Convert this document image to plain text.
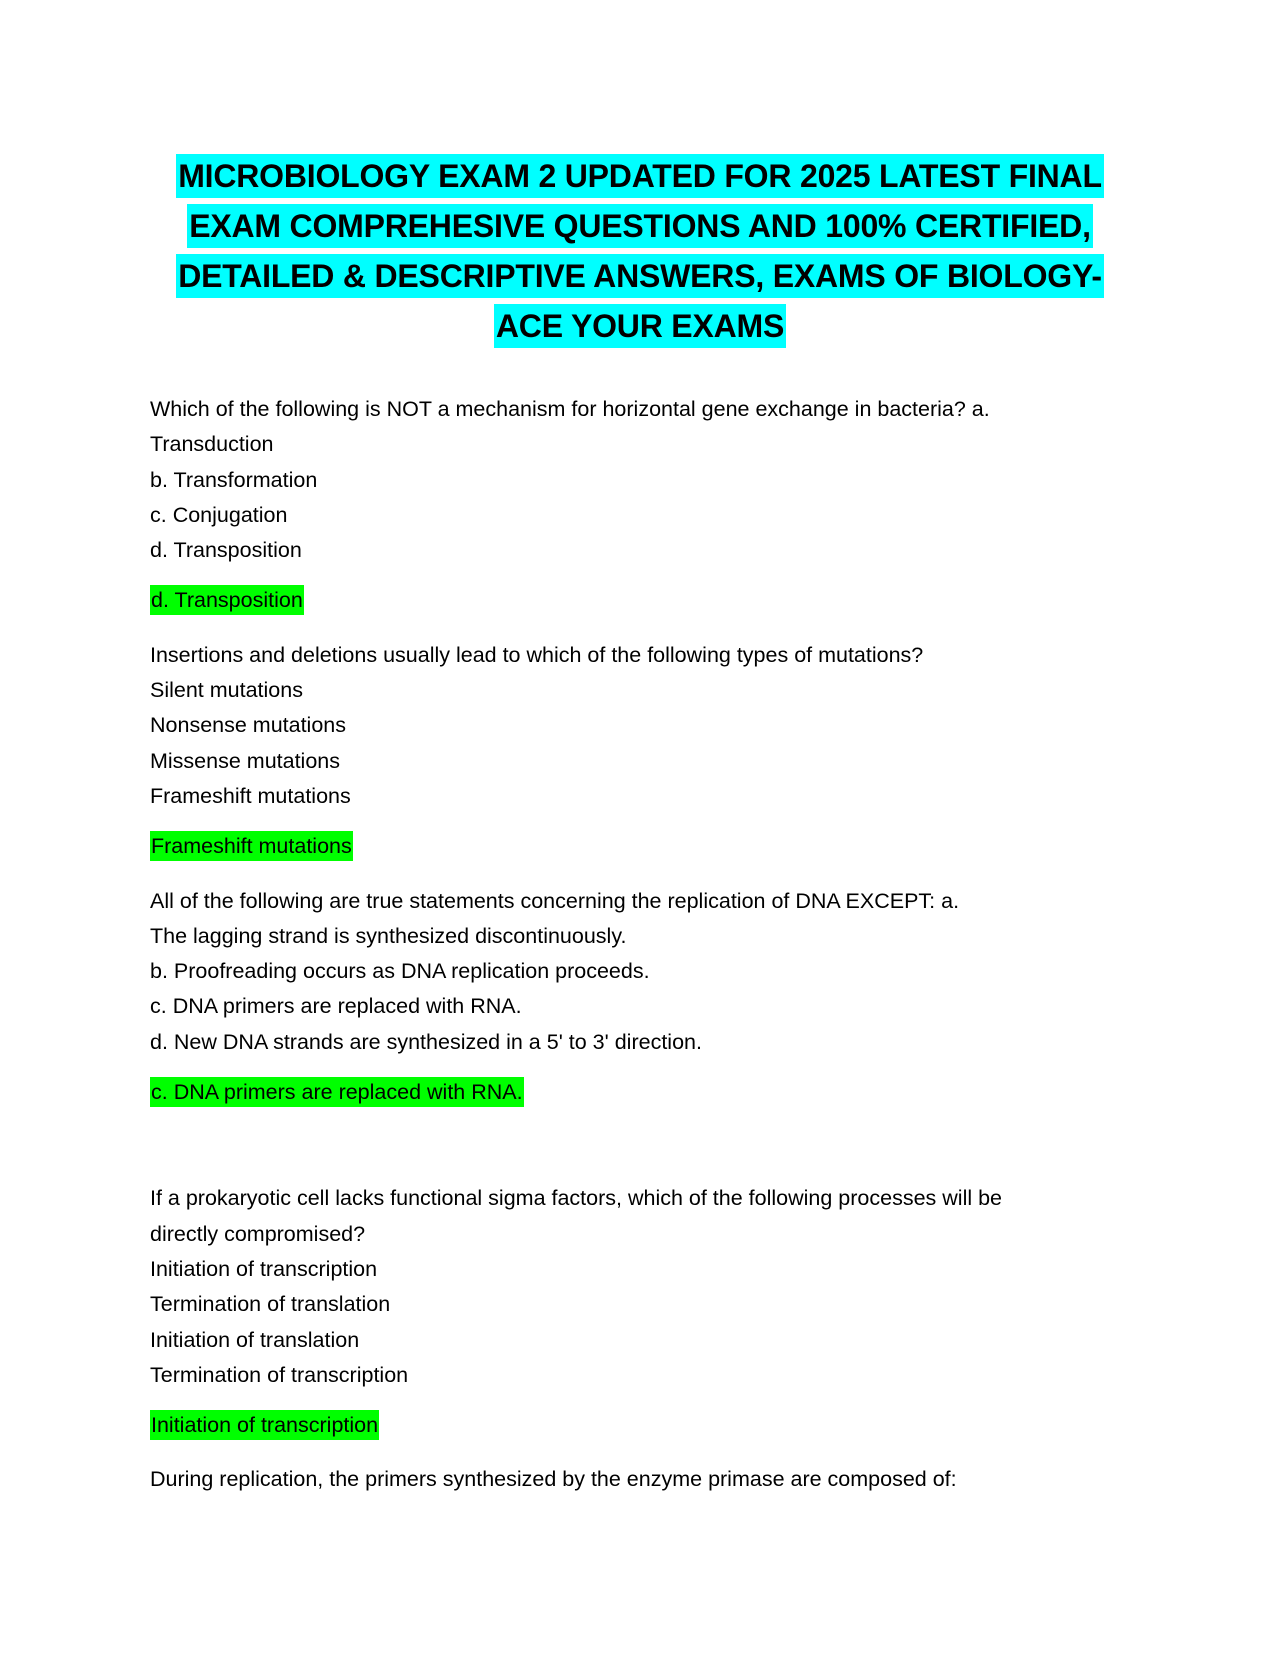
MICROBIOLOGY EXAM 2 UPDATED FOR 2025 LATEST FINAL
EXAM COMPREHESIVE QUESTIONS AND 100% CERTIFIED,
DETAILED & DESCRIPTIVE ANSWERS, EXAMS OF BIOLOGY-
ACE YOUR EXAMS
Which of the following is NOT a mechanism for horizontal gene exchange in bacteria? a.
Transduction
b. Transformation
c. Conjugation
d. Transposition
d. Transposition
Insertions and deletions usually lead to which of the following types of mutations?
Silent mutations
Nonsense mutations
Missense mutations
Frameshift mutations
Frameshift mutations
All of the following are true statements concerning the replication of DNA EXCEPT: a.
The lagging strand is synthesized discontinuously.
b. Proofreading occurs as DNA replication proceeds.
c. DNA primers are replaced with RNA.
d. New DNA strands are synthesized in a 5' to 3' direction.
c. DNA primers are replaced with RNA.
If a prokaryotic cell lacks functional sigma factors, which of the following processes will be
directly compromised?
Initiation of transcription
Termination of translation
Initiation of translation
Termination of transcription
Initiation of transcription
During replication, the primers synthesized by the enzyme primase are composed of:
